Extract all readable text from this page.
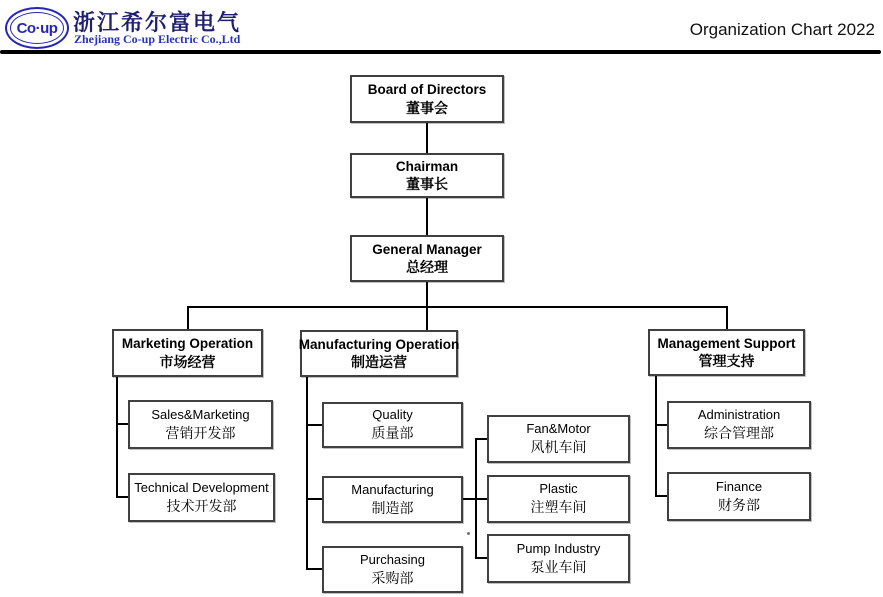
Co·up 浙江希尔富电气
Zhejiang Co-up Electric Co.,Ltd	Organization Chart 2022
Board of Directors
董事会
Chairman
董事长
General Manager
总经理
Marketing Operation
市场经营
Manufacturing Operation
制造运营
Management Support
管理支持
Sales&Marketing
营销开发部
Technical Development
技术开发部
Quality
质量部
Manufacturing
制造部
Purchasing
采购部
Fan&Motor
风机车间
Plastic
注塑车间
Pump Industry
泵业车间
Administration
综合管理部
Finance
财务部
